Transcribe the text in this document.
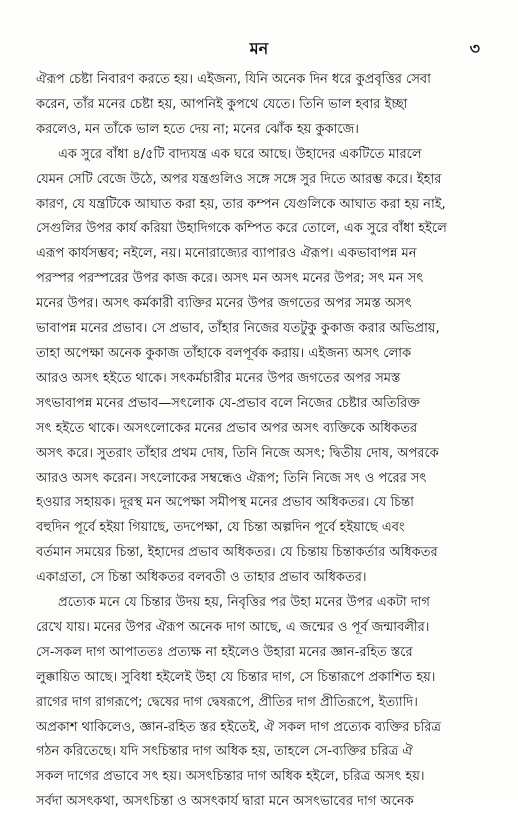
মন	৩
ঐরূপ চেষ্টা নিবারণ করতে হয়। এইজন্য, যিনি অনেক দিন ধরে কুপ্রবৃত্তির সেবা
করেন, তাঁর মনের চেষ্টা হয়, আপনিই কুপথে যেতে। তিনি ভাল হবার ইচ্ছা
করলেও, মন তাঁকে ভাল হতে দেয় না; মনের ঝোঁক হয় কুকাজে।
এক সুরে বাঁধা ৪/৫টি বাদ্যযন্ত্র এক ঘরে আছে। উহাদের একটিতে মারলে
যেমন সেটি বেজে উঠে, অপর যন্ত্রগুলিও সঙ্গে সঙ্গে সুর দিতে আরম্ভ করে। ইহার
কারণ, যে যন্ত্রটিকে আঘাত করা হয়, তার কম্পন যেগুলিকে আঘাত করা হয় নাই,
সেগুলির উপর কার্য করিয়া উহাদিগকে কম্পিত করে তোলে, এক সুরে বাঁধা হইলে
এরূপ কার্যসম্ভব; নইলে, নয়। মনোরাজ্যের ব্যাপারও ঐরূপ। একভাবাপন্ন মন
পরস্পর পরস্পরের উপর কাজ করে। অসৎ মন অসৎ মনের উপর; সৎ মন সৎ
মনের উপর। অসৎ কর্মকারী ব্যক্তির মনের উপর জগতের অপর সমস্ত অসৎ
ভাবাপন্ন মনের প্রভাব। সে প্রভাব, তাঁহার নিজের যতটুকু কুকাজ করার অভিপ্রায়,
তাহা অপেক্ষা অনেক কুকাজ তাঁহাকে বলপূর্বক করায়। এইজন্য অসৎ লোক
আরও অসৎ হইতে থাকে। সৎকর্মচারীর মনের উপর জগতের অপর সমস্ত
সৎভাবাপন্ন মনের প্রভাব—সৎলোক যে-প্রভাব বলে নিজের চেষ্টার অতিরিক্ত
সৎ হইতে থাকে। অসৎলোকের মনের প্রভাব অপর অসৎ ব্যক্তিকে অধিকতর
অসৎ করে। সুতরাং তাঁহার প্রথম দোষ, তিনি নিজে অসৎ; দ্বিতীয় দোষ, অপরকে
আরও অসৎ করেন। সৎলোকের সম্বন্ধেও ঐরূপ; তিনি নিজে সৎ ও পরের সৎ
হওয়ার সহায়ক। দূরস্থ মন অপেক্ষা সমীপস্থ মনের প্রভাব অধিকতর। যে চিন্তা
বহুদিন পূর্বে হইয়া গিয়াছে, তদপেক্ষা, যে চিন্তা অল্পদিন পূর্বে হইয়াছে এবং
বর্তমান সময়ের চিন্তা, ইহাদের প্রভাব অধিকতর। যে চিন্তায় চিন্তাকর্তার অধিকতর
একাগ্রতা, সে চিন্তা অধিকতর বলবতী ও তাহার প্রভাব অধিকতর।
প্রত্যেক মনে যে চিন্তার উদয় হয়, নিবৃত্তির পর উহা মনের উপর একটা দাগ
রেখে যায়। মনের উপর ঐরূপ অনেক দাগ আছে, এ জন্মের ও পূর্ব জন্মাবলীর।
সে-সকল দাগ আপাততঃ প্রত্যক্ষ না হইলেও উহারা মনের জ্ঞান-রহিত স্তরে
লুক্কায়িত আছে। সুবিধা হইলেই উহা যে চিন্তার দাগ, সে চিন্তারূপে প্রকাশিত হয়।
রাগের দাগ রাগরূপে; দ্বেষের দাগ দ্বেষরূপে, প্রীতির দাগ প্রীতিরূপে, ইত্যাদি।
অপ্রকাশ থাকিলেও, জ্ঞান-রহিত স্তর হইতেই, ঐ সকল দাগ প্রত্যেক ব্যক্তির চরিত্র
গঠন করিতেছে। যদি সৎচিন্তার দাগ অধিক হয়, তাহলে সে-ব্যক্তির চরিত্র ঐ
সকল দাগের প্রভাবে সৎ হয়। অসৎচিন্তার দাগ অধিক হইলে, চরিত্র অসৎ হয়।
সর্বদা অসৎকথা, অসৎচিন্তা ও অসৎকার্য দ্বারা মনে অসৎভাবের দাগ অনেক
